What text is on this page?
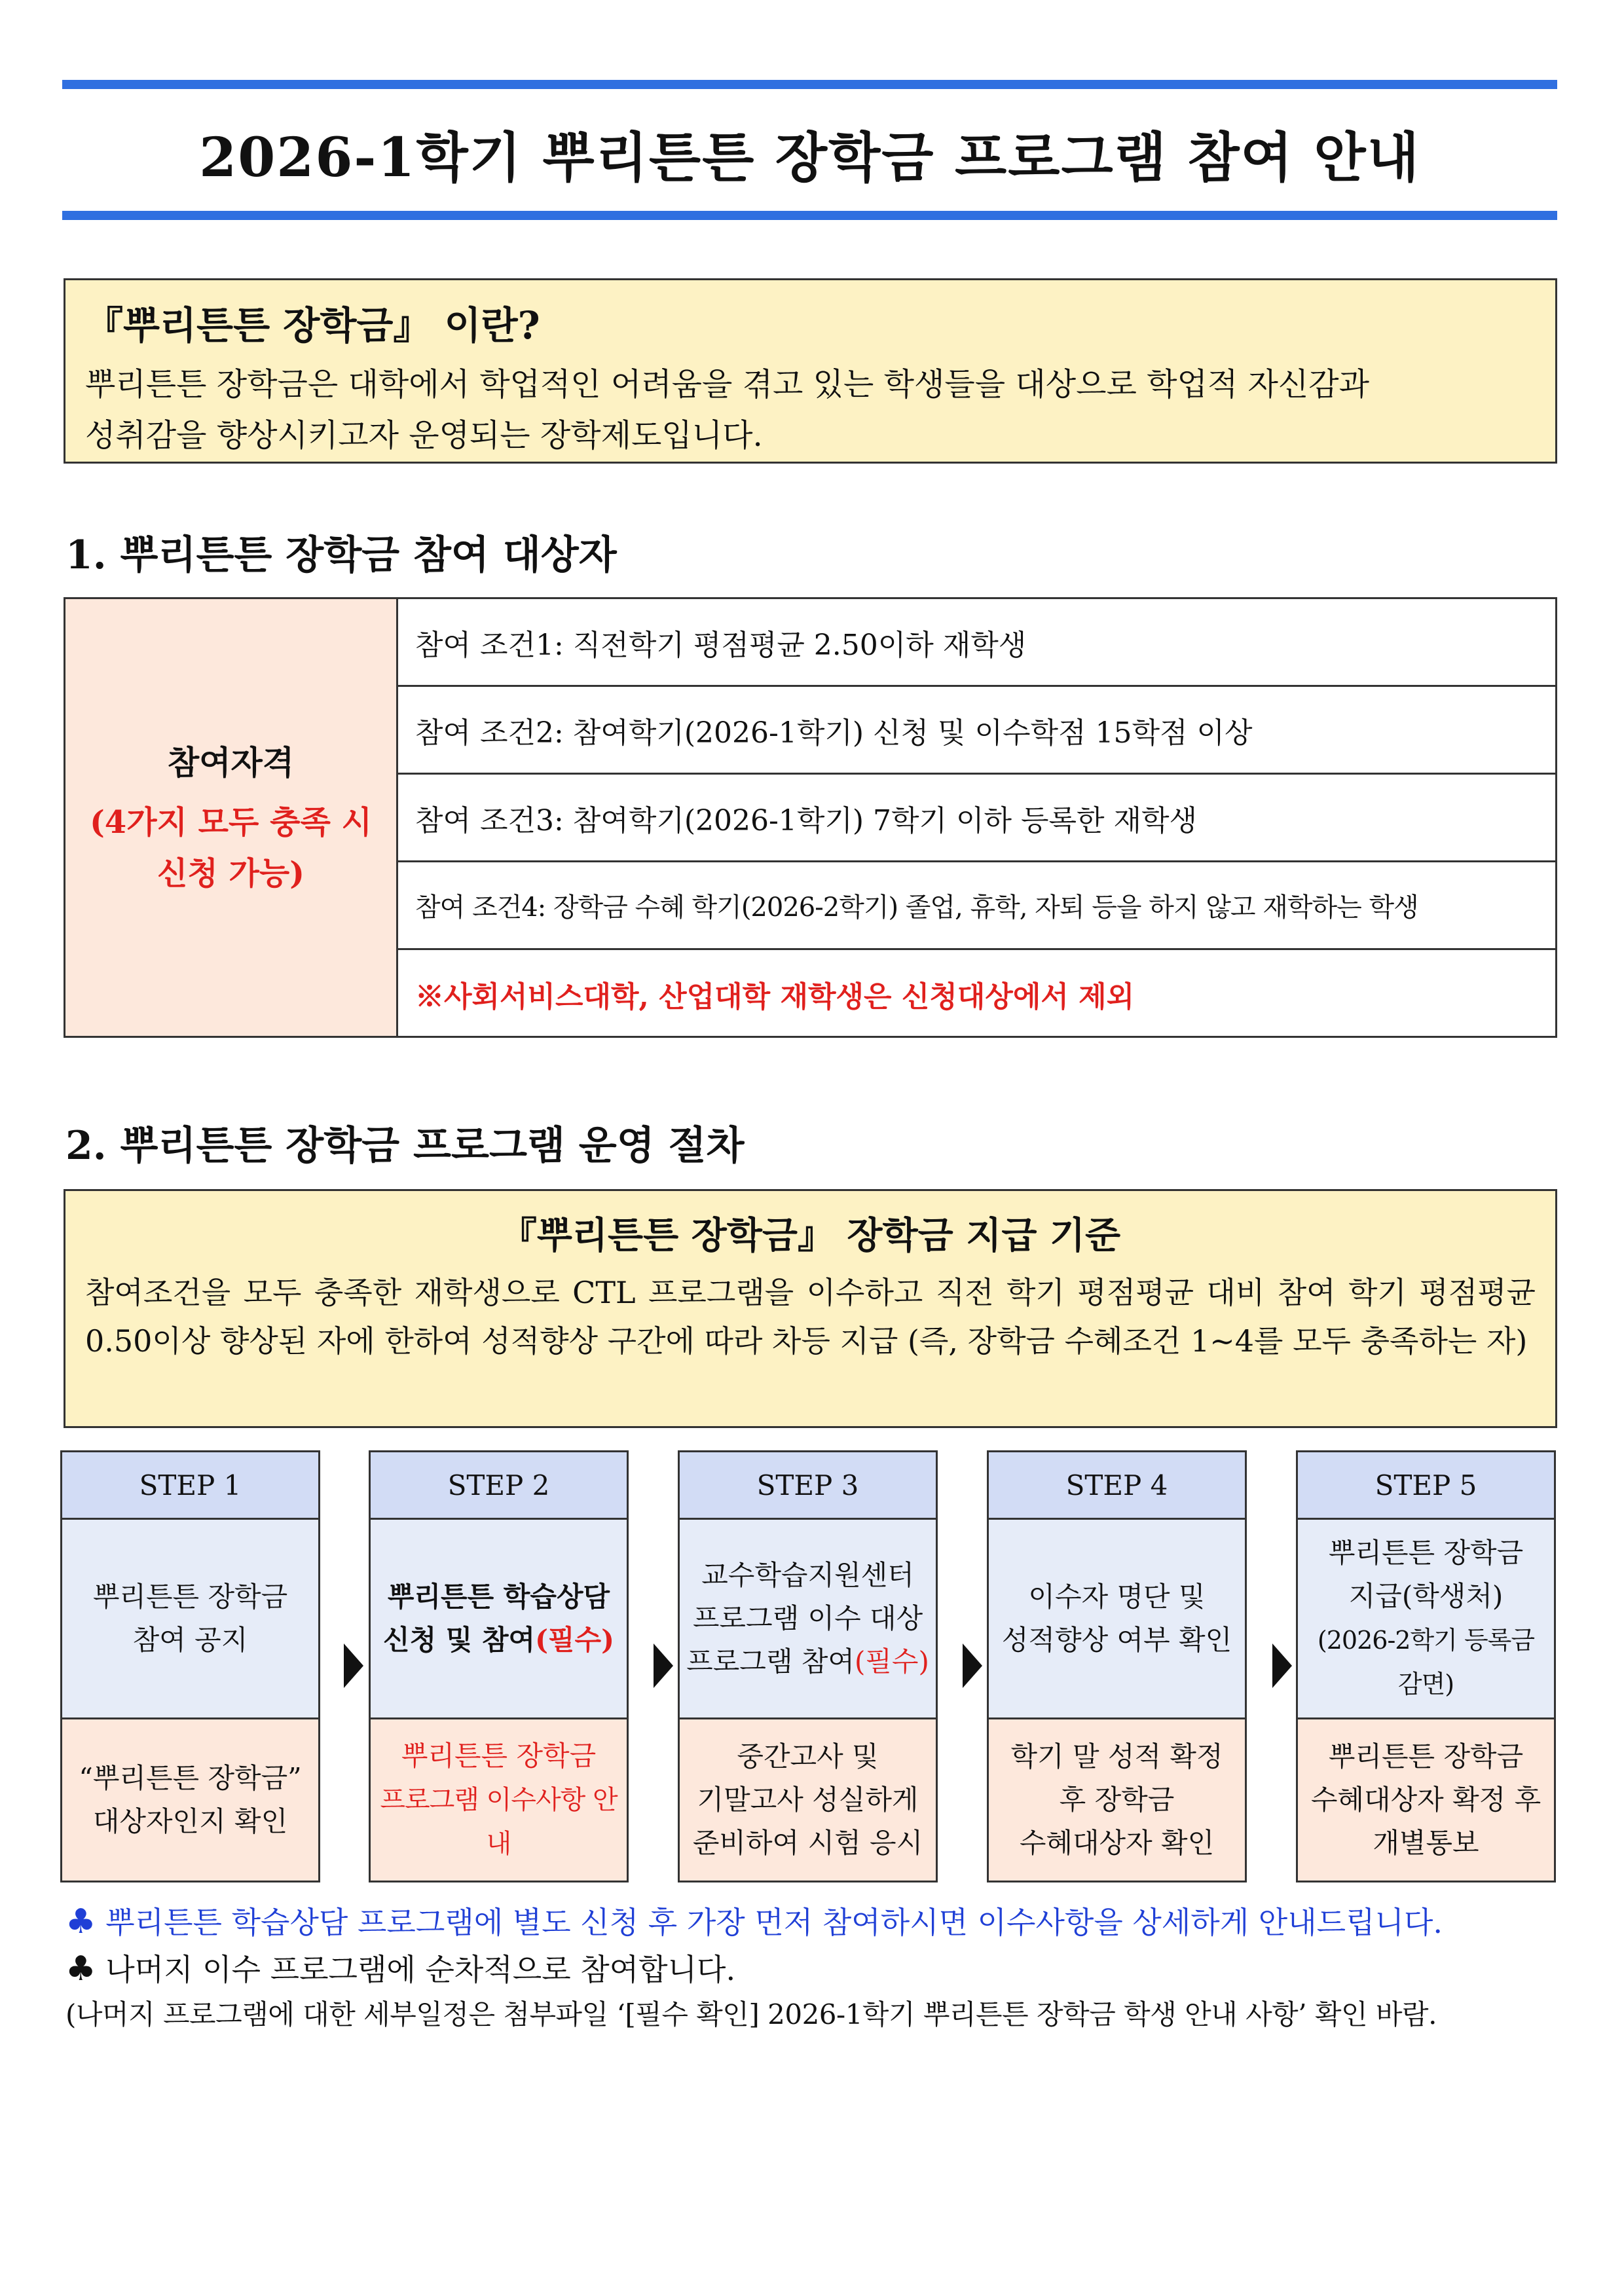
2026-1학기 뿌리튼튼 장학금 프로그램 참여 안내
『뿌리튼튼 장학금』 이란?
뿌리튼튼 장학금은 대학에서 학업적인 어려움을 겪고 있는 학생들을 대상으로 학업적 자신감과
성취감을 향상시키고자 운영되는 장학제도입니다.
1. 뿌리튼튼 장학금 참여 대상자
참여자격
(4가지 모두 충족 시
신청 가능)
참여 조건1: 직전학기 평점평균 2.50이하 재학생
참여 조건2: 참여학기(2026-1학기) 신청 및 이수학점 15학점 이상
참여 조건3: 참여학기(2026-1학기) 7학기 이하 등록한 재학생
참여 조건4: 장학금 수혜 학기(2026-2학기) 졸업, 휴학, 자퇴 등을 하지 않고 재학하는 학생
※사회서비스대학, 산업대학 재학생은 신청대상에서 제외
2. 뿌리튼튼 장학금 프로그램 운영 절차
『뿌리튼튼 장학금』 장학금 지급 기준
참여조건을 모두 충족한 재학생으로 CTL 프로그램을 이수하고 직전 학기 평점평균 대비 참여 학기 평점평균 0.50이상 향상된 자에 한하여 성적향상 구간에 따라 차등 지급 (즉, 장학금 수혜조건 1~4를 모두 충족하는 자)
STEP 1
뿌리튼튼 장학금
참여 공지
“뿌리튼튼 장학금”
대상자인지 확인
STEP 2
뿌리튼튼 학습상담
신청 및 참여(필수)
뿌리튼튼 장학금
프로그램 이수사항 안내
STEP 3
교수학습지원센터
프로그램 이수 대상
프로그램 참여(필수)
중간고사 및
기말고사 성실하게
준비하여 시험 응시
STEP 4
이수자 명단 및
성적향상 여부 확인
학기 말 성적 확정
후 장학금
수혜대상자 확인
STEP 5
뿌리튼튼 장학금
지급(학생처)
(2026-2학기 등록금 감면)
뿌리튼튼 장학금
수혜대상자 확정 후
개별통보
♣ 뿌리튼튼 학습상담 프로그램에 별도 신청 후 가장 먼저 참여하시면 이수사항을 상세하게 안내드립니다.
♣ 나머지 이수 프로그램에 순차적으로 참여합니다.
(나머지 프로그램에 대한 세부일정은 첨부파일 ‘[필수 확인] 2026-1학기 뿌리튼튼 장학금 학생 안내 사항’ 확인 바람.
